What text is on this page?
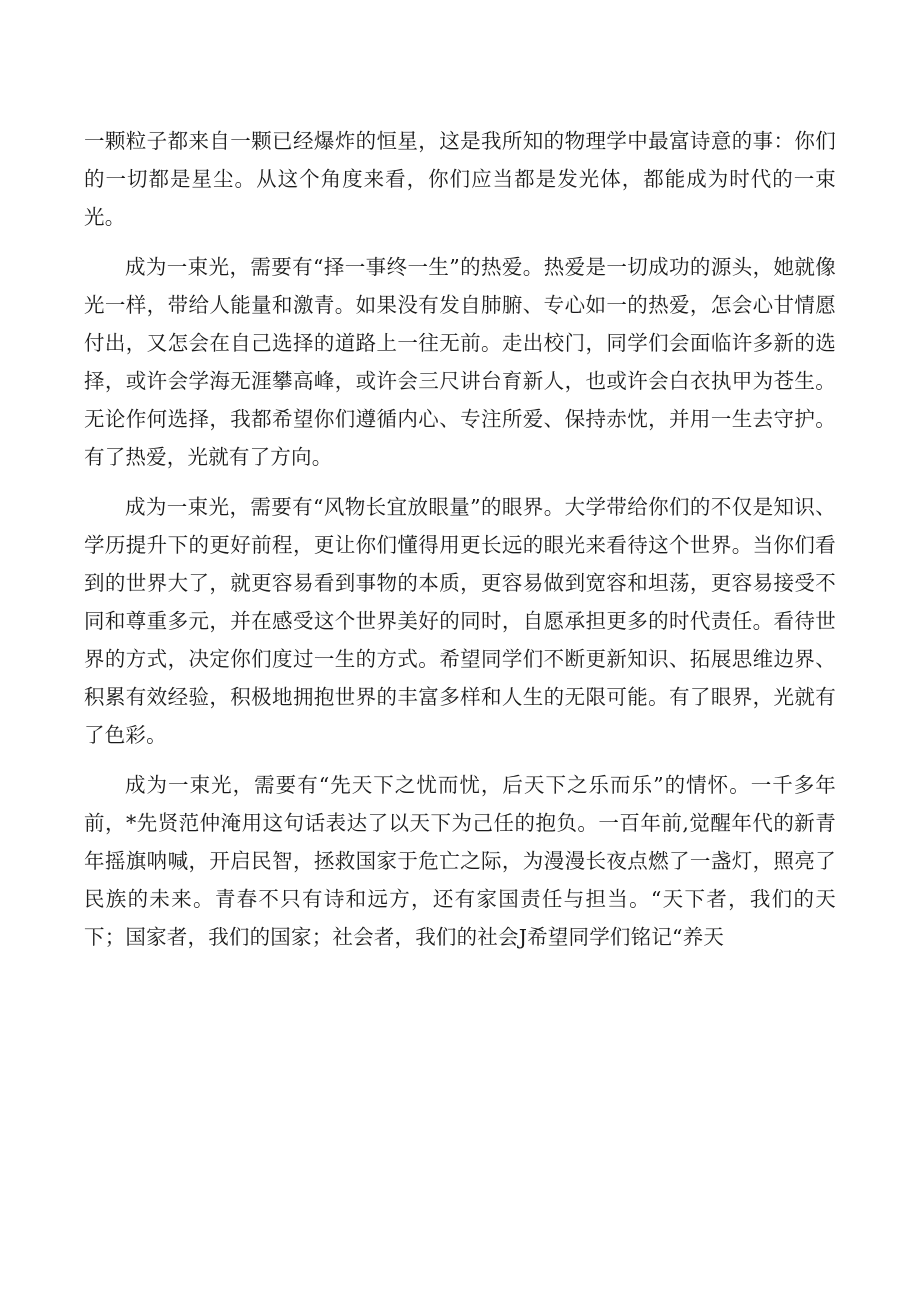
一颗粒子都来自一颗已经爆炸的恒星，这是我所知的物理学中最富诗意的事：你们的一切都是星尘。从这个角度来看，你们应当都是发光体，都能成为时代的一束光。

成为一束光，需要有“择一事终一生”的热爱。热爱是一切成功的源头，她就像光一样，带给人能量和激青。如果没有发自肺腑、专心如一的热爱，怎会心甘情愿付出，又怎会在自己选择的道路上一往无前。走出校门，同学们会面临许多新的选择，或许会学海无涯攀高峰，或许会三尺讲台育新人，也或许会白衣执甲为苍生。无论作何选择，我都希望你们遵循内心、专注所爱、保持赤忱，并用一生去守护。有了热爱，光就有了方向。

成为一束光，需要有“风物长宜放眼量”的眼界。大学带给你们的不仅是知识、学历提升下的更好前程，更让你们懂得用更长远的眼光来看待这个世界。当你们看到的世界大了，就更容易看到事物的本质，更容易做到宽容和坦荡，更容易接受不同和尊重多元，并在感受这个世界美好的同时，自愿承担更多的时代责任。看待世界的方式，决定你们度过一生的方式。希望同学们不断更新知识、拓展思维边界、积累有效经验，积极地拥抱世界的丰富多样和人生的无限可能。有了眼界，光就有了色彩。

成为一束光，需要有“先天下之忧而忧，后天下之乐而乐”的情怀。一千多年前，*先贤范仲淹用这句话表达了以天下为己任的抱负。一百年前,觉醒年代的新青年摇旗呐喊，开启民智，拯救国家于危亡之际，为漫漫长夜点燃了一盏灯，照亮了民族的未来。青春不只有诗和远方，还有家国责任与担当。“天下者，我们的天下；国家者，我们的国家；社会者，我们的社会J希望同学们铭记“养天
